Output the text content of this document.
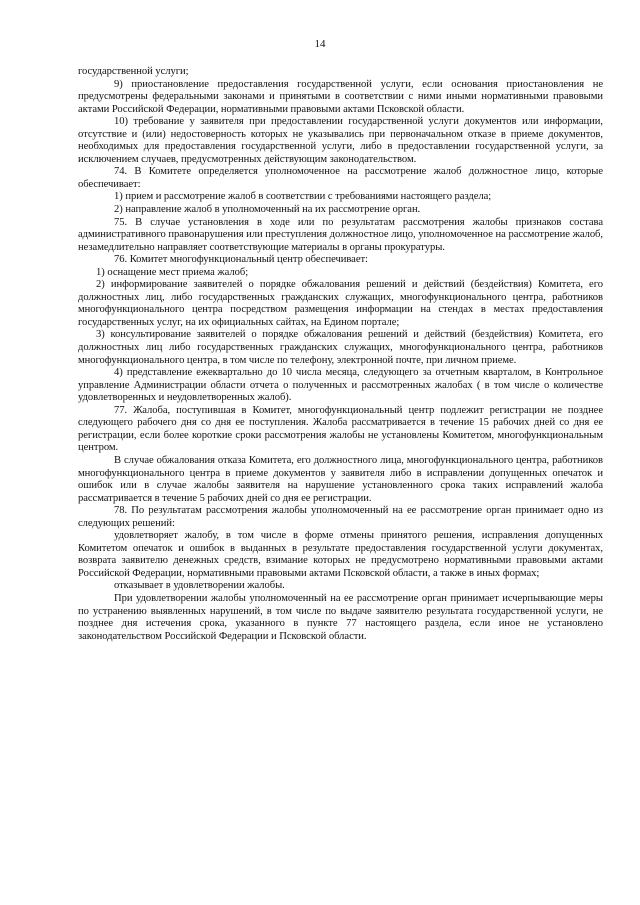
14

государственной услуги;

9) приостановление предоставления государственной услуги, если основания приостановления не предусмотрены федеральными законами и принятыми в соответствии с ними иными нормативными правовыми актами Российской Федерации, нормативными правовыми актами Псковской области.

10) требование у заявителя при предоставлении государственной услуги документов или информации, отсутствие и (или) недостоверность которых не указывались при первоначальном отказе в приеме документов, необходимых для предоставления государственной услуги, либо в предоставлении государственной услуги, за исключением случаев, предусмотренных действующим законодательством.

74. В Комитете определяется уполномоченное на рассмотрение жалоб должностное лицо, которые обеспечивает:

1) прием и рассмотрение жалоб в соответствии с требованиями настоящего раздела;

2) направление жалоб в уполномоченный на их рассмотрение орган.

75. В случае установления в ходе или по результатам рассмотрения жалобы признаков состава административного правонарушения или преступления должностное лицо, уполномоченное на рассмотрение жалоб, незамедлительно направляет соответствующие материалы в органы прокуратуры.

76. Комитет многофункциональный центр обеспечивает:

1) оснащение мест приема жалоб;

2) информирование заявителей о порядке обжалования решений и действий (бездействия) Комитета, его должностных лиц, либо государственных гражданских служащих, многофункционального центра, работников многофункционального центра посредством размещения информации на стендах в местах предоставления государственных услуг, на их официальных сайтах, на Едином портале;

3) консультирование заявителей о порядке обжалования решений и действий (бездействия) Комитета, его должностных лиц либо государственных гражданских служащих, многофункционального центра, работников многофункционального центра, в том числе по телефону, электронной почте, при личном приеме.

4) представление ежеквартально до 10 числа месяца, следующего за отчетным кварталом, в Контрольное управление Администрации области отчета о полученных и рассмотренных жалобах ( в том числе о количестве удовлетворенных и неудовлетворенных жалоб).

77. Жалоба, поступившая в Комитет, многофункциональный центр подлежит регистрации не позднее следующего рабочего дня со дня ее поступления. Жалоба рассматривается в течение 15 рабочих дней со дня ее регистрации, если более короткие сроки рассмотрения жалобы не установлены Комитетом, многофункциональным центром.

В случае обжалования отказа Комитета, его должностного лица, многофункционального центра, работников многофункционального центра в приеме документов у заявителя либо в исправлении допущенных опечаток и ошибок или в случае жалобы заявителя на нарушение установленного срока таких исправлений жалоба рассматривается в течение 5 рабочих дней со дня ее регистрации.

78. По результатам рассмотрения жалобы уполномоченный на ее рассмотрение орган принимает одно из следующих решений:

удовлетворяет жалобу, в том числе в форме отмены принятого решения, исправления допущенных Комитетом опечаток и ошибок в выданных в результате предоставления государственной услуги документах, возврата заявителю денежных средств, взимание которых не предусмотрено нормативными правовыми актами Российской Федерации, нормативными правовыми актами Псковской области, а также в иных формах;

отказывает в удовлетворении жалобы.

При удовлетворении жалобы уполномоченный на ее рассмотрение орган принимает исчерпывающие меры по устранению выявленных нарушений, в том числе по выдаче заявителю результата государственной услуги, не позднее дня истечения срока, указанного в пункте 77 настоящего раздела, если иное не установлено законодательством Российской Федерации и Псковской области.
